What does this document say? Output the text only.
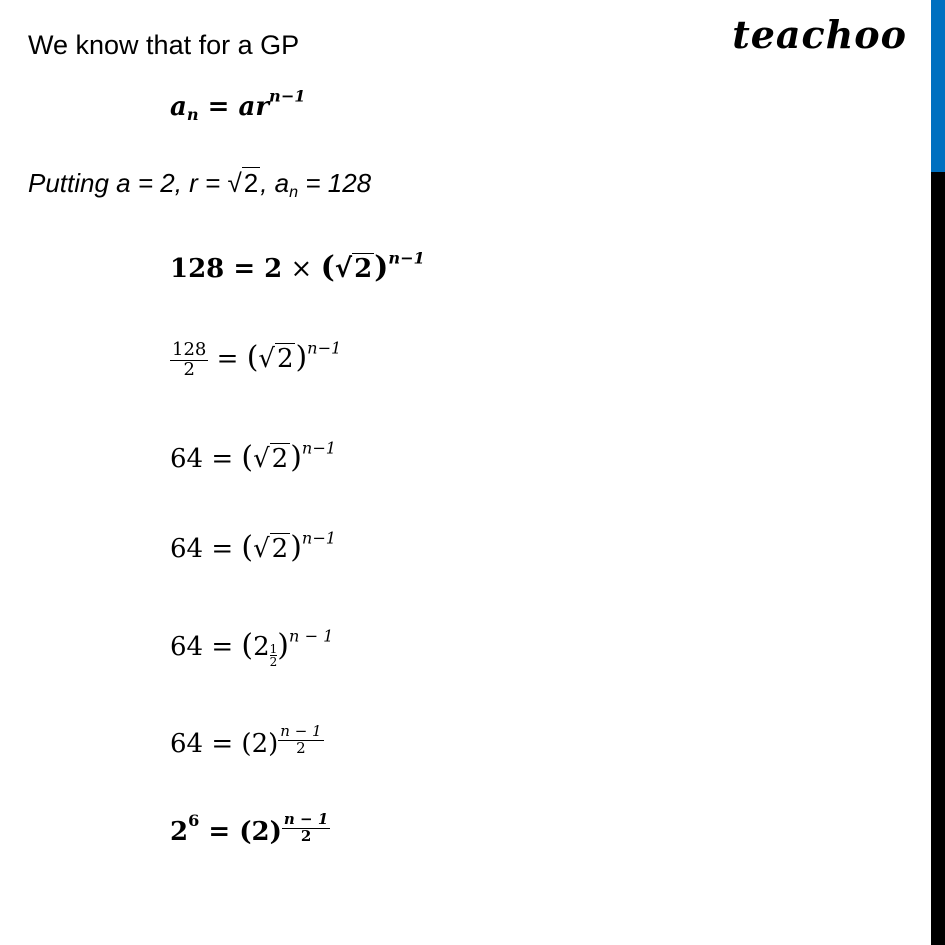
teachoo
We know that for a GP
$a_n = ar^{n-1}$
Putting a = 2, r = √2, $a_n = 128$
$128 = 2 \times (√2)^{n-1}$
$\frac{128}{2} = (√2)^{n-1}$
$64 = (√2)^{n-1}$
$64 = (√2)^{n-1}$
$64 = (2 \frac{1}{2} )^{n - 1}$
$64 = (2) \frac{n - 1}{2}$
$2^6 = (2) \frac{n - 1}{2}$
